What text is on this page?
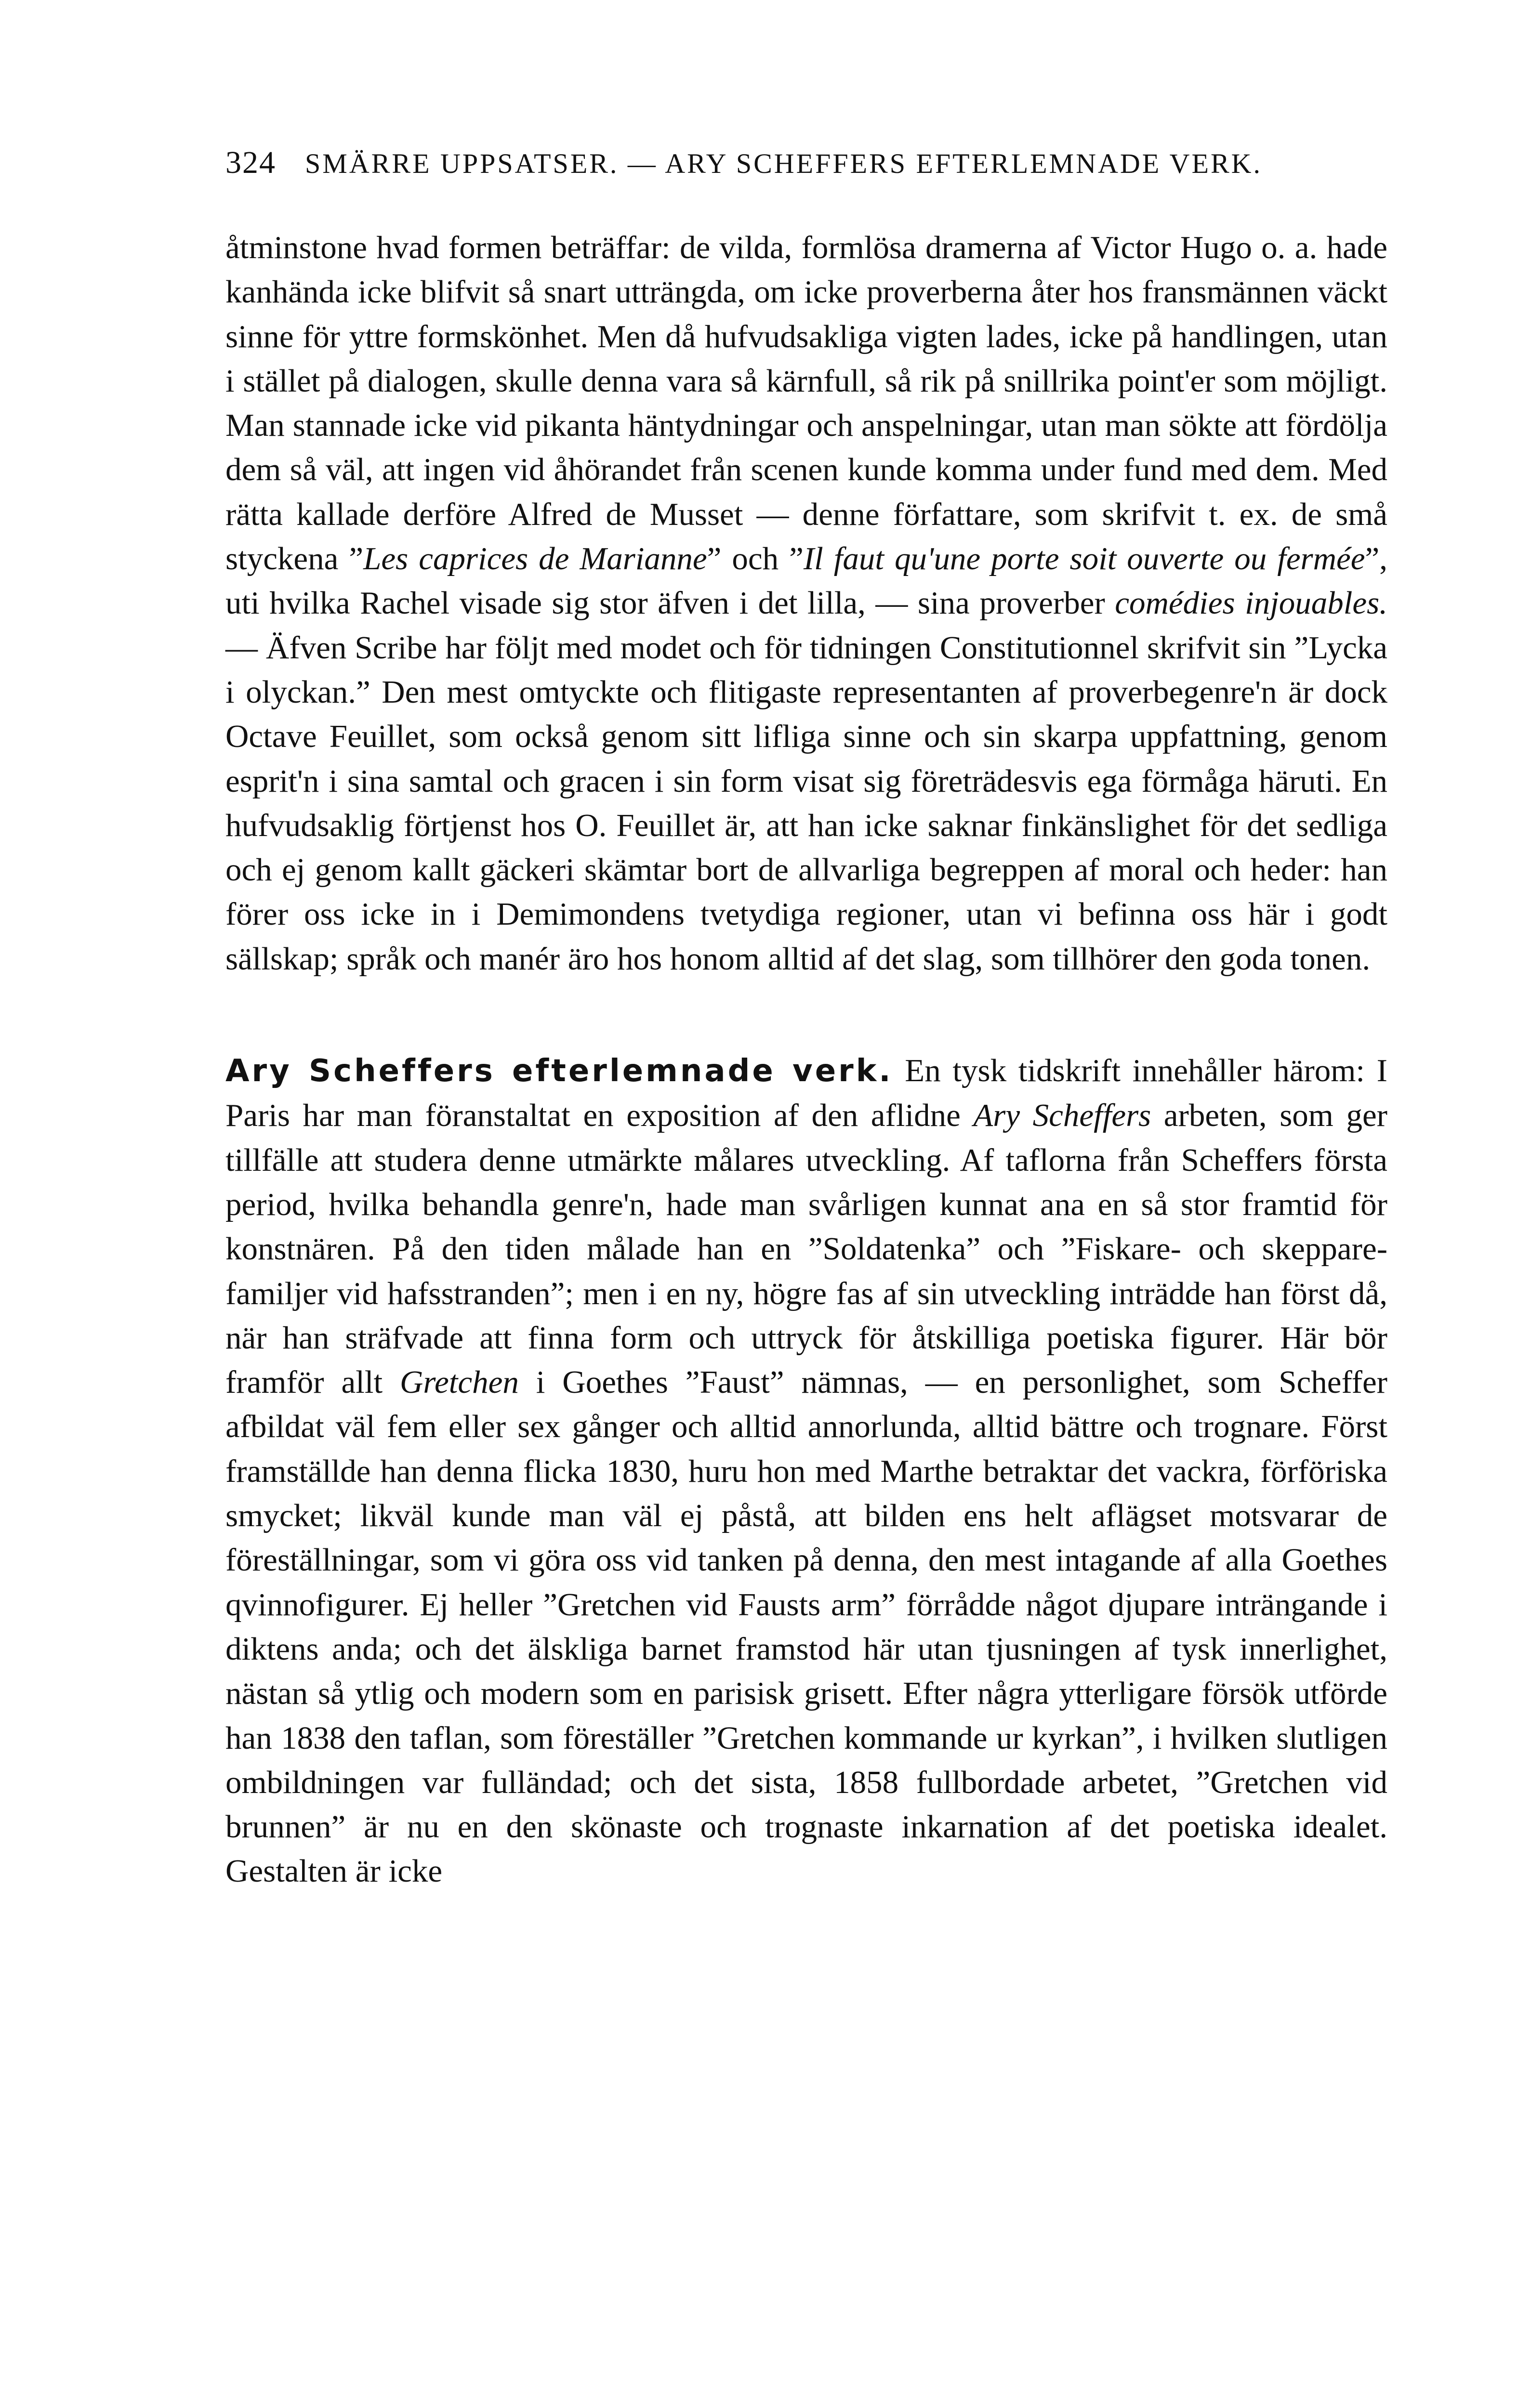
324 SMÄRRE UPPSATSER. — ARY SCHEFFERS EFTERLEMNADE VERK.

åtminstone hvad formen beträffar: de vilda, formlösa dramerna af Victor Hugo o. a. hade kanhända icke blifvit så snart utträngda, om icke proverberna åter hos fransmännen väckt sinne för yttre formskönhet. Men då hufvudsakliga vigten lades, icke på handlingen, utan i stället på dialogen, skulle denna vara så kärnfull, så rik på snillrika point'er som möjligt. Man stannade icke vid pikanta häntydningar och anspelningar, utan man sökte att fördölja dem så väl, att ingen vid åhörandet från scenen kunde komma under fund med dem. Med rätta kallade derföre Alfred de Musset — denne författare, som skrifvit t. ex. de små styckena ”Les caprices de Marianne” och ”Il faut qu'une porte soit ouverte ou fermée”, uti hvilka Rachel visade sig stor äfven i det lilla, — sina proverber comédies injouables. — Äfven Scribe har följt med modet och för tidningen Constitutionnel skrifvit sin ”Lycka i olyckan.” Den mest omtyckte och flitigaste representanten af proverbegenre'n är dock Octave Feuillet, som också genom sitt lifliga sinne och sin skarpa uppfattning, genom esprit'n i sina samtal och gracen i sin form visat sig företrädesvis ega förmåga häruti. En hufvudsaklig förtjenst hos O. Feuillet är, att han icke saknar finkänslighet för det sedliga och ej genom kallt gäckeri skämtar bort de allvarliga begreppen af moral och heder: han förer oss icke in i Demimondens tvetydiga regioner, utan vi befinna oss här i godt sällskap; språk och manér äro hos honom alltid af det slag, som tillhörer den goda tonen.

Ary Scheffers efterlemnade verk. En tysk tidskrift innehåller härom: I Paris har man föranstaltat en exposition af den aflidne Ary Scheffers arbeten, som ger tillfälle att studera denne utmärkte målares utveckling. Af taflorna från Scheffers första period, hvilka behandla genre'n, hade man svårligen kunnat ana en så stor framtid för konstnären. På den tiden målade han en ”Soldatenka” och ”Fiskare- och skeppare-familjer vid hafsstranden”; men i en ny, högre fas af sin utveckling inträdde han först då, när han sträfvade att finna form och uttryck för åtskilliga poetiska figurer. Här bör framför allt Gretchen i Goethes ”Faust” nämnas, — en personlighet, som Scheffer afbildat väl fem eller sex gånger och alltid annorlunda, alltid bättre och trognare. Först framställde han denna flicka 1830, huru hon med Marthe betraktar det vackra, förföriska smycket; likväl kunde man väl ej påstå, att bilden ens helt aflägset motsvarar de föreställningar, som vi göra oss vid tanken på denna, den mest intagande af alla Goethes qvinnofigurer. Ej heller ”Gretchen vid Fausts arm” förrådde något djupare inträngande i diktens anda; och det älskliga barnet framstod här utan tjusningen af tysk innerlighet, nästan så ytlig och modern som en parisisk grisett. Efter några ytterligare försök utförde han 1838 den taflan, som föreställer ”Gretchen kommande ur kyrkan”, i hvilken slutligen ombildningen var fulländad; och det sista, 1858 fullbordade arbetet, ”Gretchen vid brunnen” är nu en den skönaste och trognaste inkarnation af det poetiska idealet. Gestalten är icke
